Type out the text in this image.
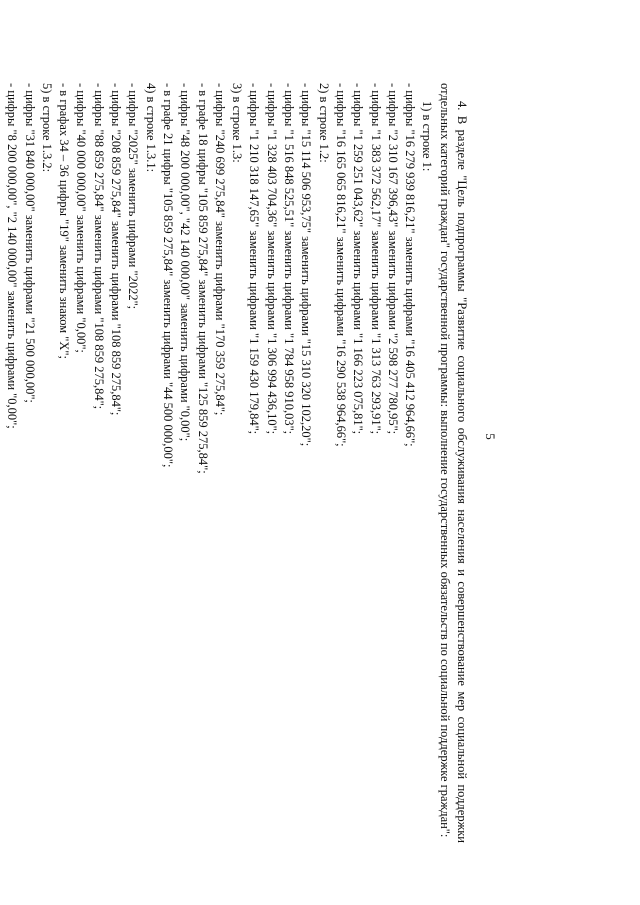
5

4. В разделе "Цель подпрограммы "Развитие социального обслуживания населения и совершенствование мер социальной поддержки отдельных категорий граждан" государственной программы: выполнение государственных обязательств по социальной поддержке граждан":

1) в строке 1:

- цифры "16 279 939 816,21" заменить цифрами "16 405 412 964,66";

- цифры "2 310 167 396,43" заменить цифрами "2 598 277 780,95";

- цифры "1 383 372 562,17" заменить цифрами "1 313 763 293,91";

- цифры "1 259 251 043,62" заменить цифрами "1 166 223 075,81";

- цифры "16 165 065 816,21" заменить цифрами "16 290 538 964,66";

2) в строке 1.2:

- цифры "15 114 506 953,75" заменить цифрами "15 310 320 102,20";

- цифры "1 516 848 525,51" заменить цифрами "1 784 958 910,03";

- цифры "1 328 403 704,36" заменить цифрами "1 306 994 436,10";

- цифры "1 210 318 147,65" заменить цифрами "1 159 430 179,84";

3) в строке 1.3:

- цифры "240 699 275,84" заменить цифрами "170 359 275,84";

- в графе 18 цифры "105 859 275,84" заменить цифрами "125 859 275,84";

- цифры "48 200 000,00", "42 140 000,00" заменить цифрами "0,00";

- в графе 21 цифры "105 859 275,84" заменить цифрами "44 500 000,00";

4) в строке 1.3.1:

- цифры "2025" заменить цифрами "2022";

- цифры "208 859 275,84" заменить цифрами "108 859 275,84";

- цифры "88 859 275,84" заменить цифрами "108 859 275,84";

- цифры "40 000 000,00" заменить цифрами "0,00";

- в графах 34 – 36 цифры "19" заменить знаком "X";

5) в строке 1.3.2:

- цифры "31 840 000,00" заменить цифрами "21 500 000,00";

- цифры "8 200 000,00", "2 140 000,00" заменить цифрами "0,00";
